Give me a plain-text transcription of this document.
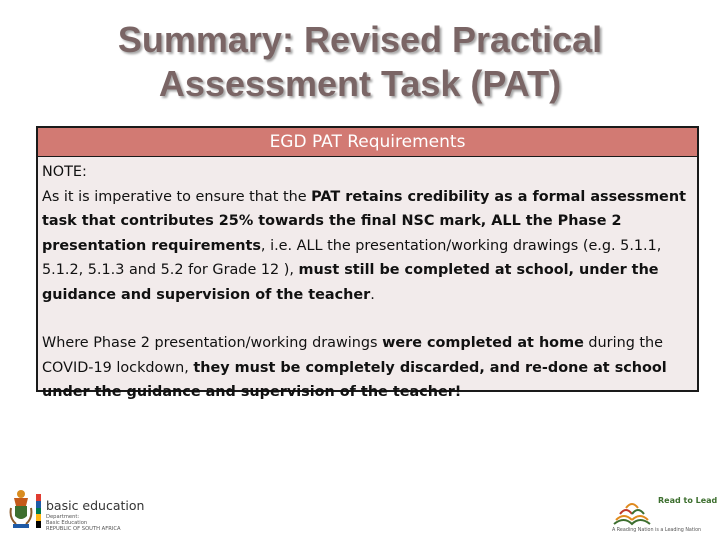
Summary: Revised Practical
Assessment Task (PAT)
EGD PAT Requirements

NOTE:

As it is imperative to ensure that the PAT retains credibility as a formal assessment task that contributes 25% towards the final NSC mark, ALL the Phase 2 presentation requirements, i.e. ALL the presentation/working drawings (e.g. 5.1.1, 5.1.2, 5.1.3 and 5.2 for Grade 12 ), must still be completed at school, under the guidance and supervision of the teacher.

Where Phase 2 presentation/working drawings were completed at home during the COVID-19 lockdown, they must be completely discarded, and re-done at school under the guidance and supervision of the teacher!

basic education
Department:
Basic Education
REPUBLIC OF SOUTH AFRICA
Read to Lead
A Reading Nation is a Leading Nation
